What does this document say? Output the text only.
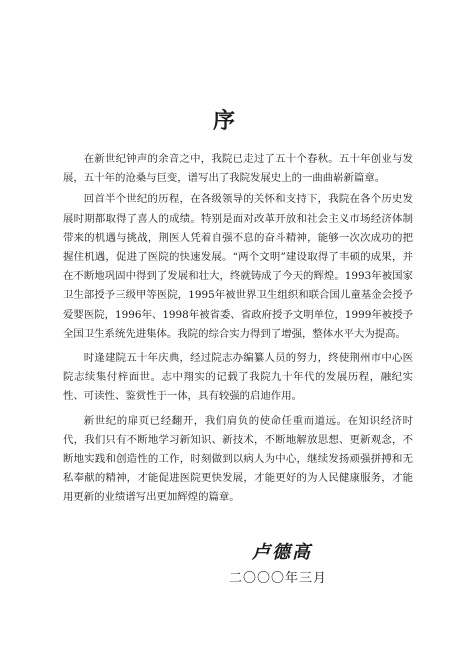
序

在新世纪钟声的余音之中，我院已走过了五十个春秋。五十年创业与发展，五十年的沧桑与巨变，谱写出了我院发展史上的一曲曲崭新篇章。

回首半个世纪的历程，在各级领导的关怀和支持下，我院在各个历史发展时期都取得了喜人的成绩。特别是面对改革开放和社会主义市场经济体制带来的机遇与挑战，荆医人凭着自强不息的奋斗精神，能够一次次成功的把握住机遇，促进了医院的快速发展。“两个文明”建设取得了丰硕的成果，并在不断地巩固中得到了发展和壮大，终就铸成了今天的辉煌。1993年被国家卫生部授予三级甲等医院，1995年被世界卫生组织和联合国儿童基金会授予爱婴医院，1996年、1998年被省委、省政府授予文明单位，1999年被授予全国卫生系统先进集体。我院的综合实力得到了增强，整体水平大为提高。

时逢建院五十年庆典，经过院志办编纂人员的努力，终使荆州市中心医院志续集付梓面世。志中翔实的记载了我院九十年代的发展历程，融纪实性、可读性、鉴赏性于一体，具有较强的启迪作用。

新世纪的扉页已经翻开，我们肩负的使命任重而道远。在知识经济时代，我们只有不断地学习新知识、新技术，不断地解放思想、更新观念，不断地实践和创造性的工作，时刻做到以病人为中心，继续发扬顽强拼搏和无私奉献的精神，才能促进医院更快发展，才能更好的为人民健康服务，才能用更新的业绩谱写出更加辉煌的篇章。

卢德高
二〇〇〇年三月
